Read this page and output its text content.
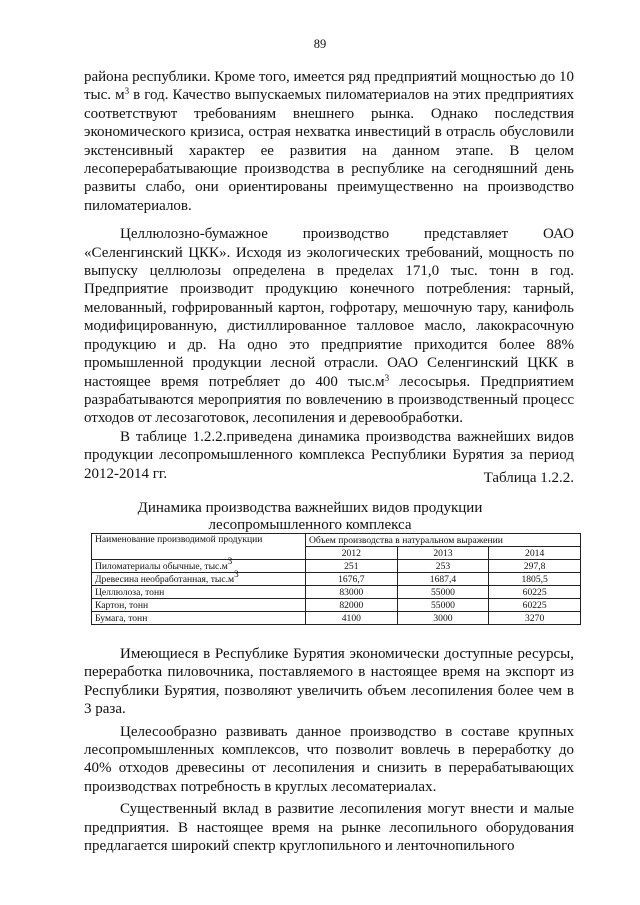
89

района республики. Кроме того, имеется ряд предприятий мощностью до 10 тыс. $м^3$ в год. Качество выпускаемых пиломатериалов на этих предприятиях соответствуют требованиям внешнего рынка. Однако последствия экономического кризиса, острая нехватка инвестиций в отрасль обусловили экстенсивный характер ее развития на данном этапе. В целом лесоперерабатывающие производства в республике на сегодняшний день развиты слабо, они ориентированы преимущественно на производство пиломатериалов.

Целлюлозно-бумажное производство представляет ОАО «Селенгинский ЦКК». Исходя из экологических требований, мощность по выпуску целлюлозы определена в пределах 171,0 тыс. тонн в год. Предприятие производит продукцию конечного потребления: тарный, мелованный, гофрированный картон, гофротару, мешочную тару, канифоль модифицированную, дистиллированное талловое масло, лакокрасочную продукцию и др. На одно это предприятие приходится более 88% промышленной продукции лесной отрасли. ОАО Селенгинский ЦКК в настоящее время потребляет до 400 $тыс.м^3$ лесосырья. Предприятием разрабатываются мероприятия по вовлечению в производственный процесс отходов от лесозаготовок, лесопиления и деревообработки.

В таблице 1.2.2.приведена динамика производства важнейших видов продукции лесопромышленного комплекса Республики Бурятия за период 2012-2014 гг.	Таблица 1.2.2.
Динамика производства важнейших видов продукции лесопромышленного комплекса
Наименование производимой продукции	Объем производства в натуральном выражении		
	2012	2013	2014
Пиломатериалы обычные, $тыс.м^3$	251	253	297,8
Древесина необработанная, $тыс.м^3$	1676,7	1687,4	1805,5
Целлюлоза, тонн	83000	55000	60225
Картон, тонн	82000	55000	60225
Бумага, тонн	4100	3000	3270

Имеющиеся в Республике Бурятия экономически доступные ресурсы, переработка пиловочника, поставляемого в настоящее время на экспорт из Республики Бурятия, позволяют увеличить объем лесопиления более чем в 3 раза.

Целесообразно развивать данное производство в составе крупных лесопромышленных комплексов, что позволит вовлечь в переработку до 40% отходов древесины от лесопиления и снизить в перерабатывающих производствах потребность в круглых лесоматериалах.

Существенный вклад в развитие лесопиления могут внести и малые предприятия. В настоящее время на рынке лесопильного оборудования предлагается широкий спектр круглопильного и ленточнопильного
